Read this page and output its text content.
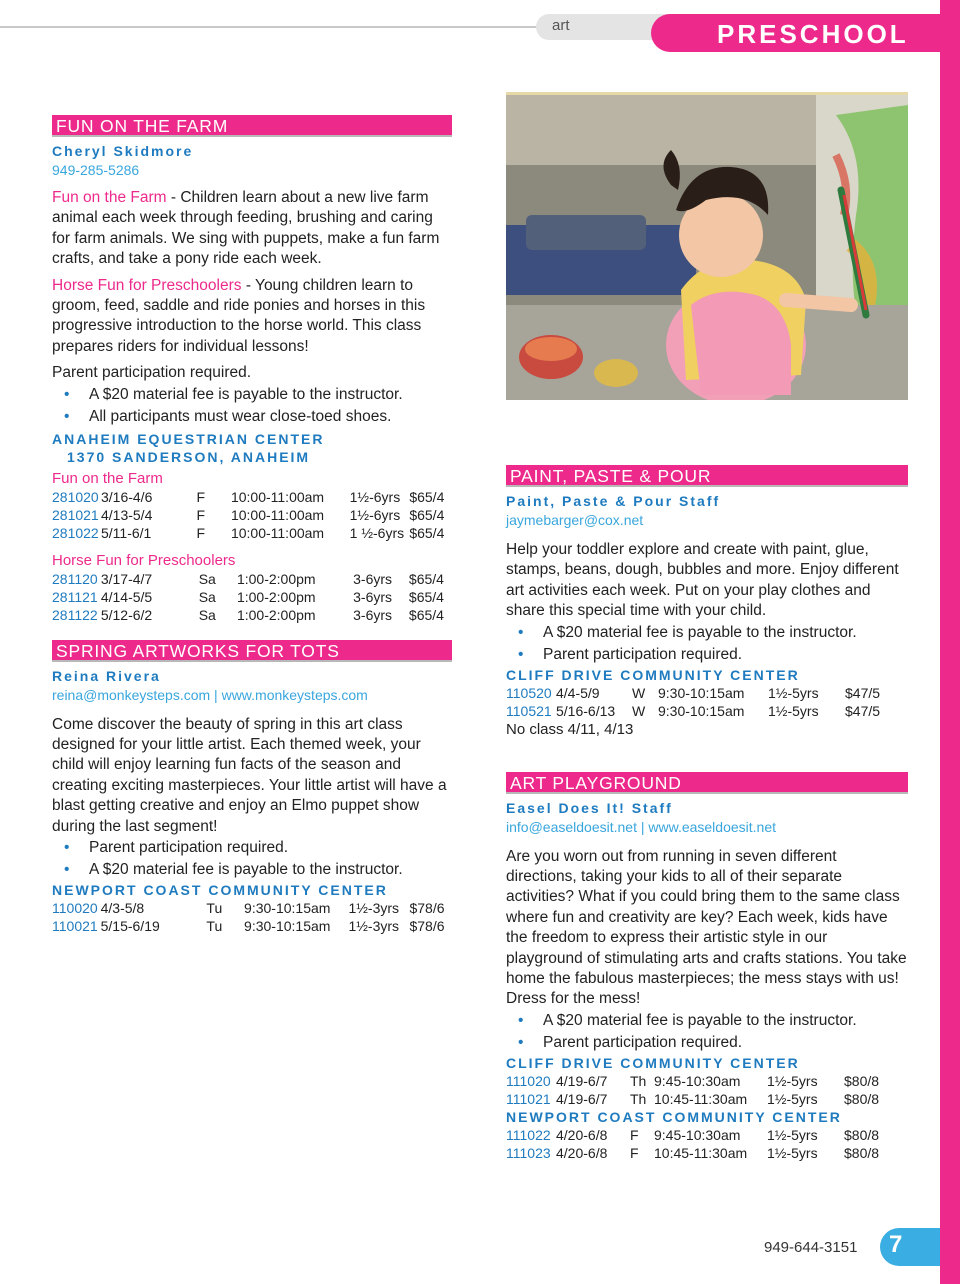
art	PRESCHOOL
FUN ON THE FARM
Cheryl Skidmore
949-285-5286

Fun on the Farm - Children learn about a new live farm animal each week through feeding, brushing and caring for farm animals. We sing with puppets, make a fun farm crafts, and take a pony ride each week.

Horse Fun for Preschoolers - Young children learn to groom, feed, saddle and ride ponies and horses in this progressive introduction to the horse world. This class prepares riders for individual lessons!

Parent participation required.

• A $20 material fee is payable to the instructor.
• All participants must wear close-toed shoes.
ANAHEIM EQUESTRIAN CENTER
1370 SANDERSON, ANAHEIM
Fun on the Farm
281020	3/16-4/6	F	10:00-11:00am	1½-6yrs	$65/4
281021	4/13-5/4	F	10:00-11:00am	1½-6yrs	$65/4
281022	5/11-6/1	F	10:00-11:00am	1 ½-6yrs	$65/4
Horse Fun for Preschoolers
281120	3/17-4/7	Sa	1:00-2:00pm	3-6yrs	$65/4
281121	4/14-5/5	Sa	1:00-2:00pm	3-6yrs	$65/4
281122	5/12-6/2	Sa	1:00-2:00pm	3-6yrs	$65/4
SPRING ARTWORKS FOR TOTS
Reina Rivera
reina@monkeysteps.com | www.monkeysteps.com

Come discover the beauty of spring in this art class designed for your little artist. Each themed week, your child will enjoy learning fun facts of the season and creating exciting masterpieces. Your little artist will have a blast getting creative and enjoy an Elmo puppet show during the last segment!

• Parent participation required.
• A $20 material fee is payable to the instructor.
NEWPORT COAST COMMUNITY CENTER
110020	4/3-5/8	Tu	9:30-10:15am	1½-3yrs	$78/6
110021	5/15-6/19	Tu	9:30-10:15am	1½-3yrs	$78/6
PAINT, PASTE & POUR
Paint, Paste & Pour Staff
jaymebarger@cox.net

Help your toddler explore and create with paint, glue, stamps, beans, dough, bubbles and more. Enjoy different art activities each week. Put on your play clothes and share this special time with your child.

• A $20 material fee is payable to the instructor.
• Parent participation required.
CLIFF DRIVE COMMUNITY CENTER
110520	4/4-5/9	W	9:30-10:15am	1½-5yrs	$47/5
110521	5/16-6/13	W	9:30-10:15am	1½-5yrs	$47/5
No class 4/11, 4/13
ART PLAYGROUND
Easel Does It! Staff
info@easeldoesit.net | www.easeldoesit.net

Are you worn out from running in seven different directions, taking your kids to all of their separate activities? What if you could bring them to the same class where fun and creativity are key? Each week, kids have the freedom to express their artistic style in our playground of stimulating arts and crafts stations. You take home the fabulous masterpieces; the mess stays with us! Dress for the mess!

• A $20 material fee is payable to the instructor.
• Parent participation required.
CLIFF DRIVE COMMUNITY CENTER
111020	4/19-6/7	Th	9:45-10:30am	1½-5yrs	$80/8
111021	4/19-6/7	Th	10:45-11:30am	1½-5yrs	$80/8
NEWPORT COAST COMMUNITY CENTER
111022	4/20-6/8	F	9:45-10:30am	1½-5yrs	$80/8
111023	4/20-6/8	F	10:45-11:30am	1½-5yrs	$80/8
949-644-3151	7
